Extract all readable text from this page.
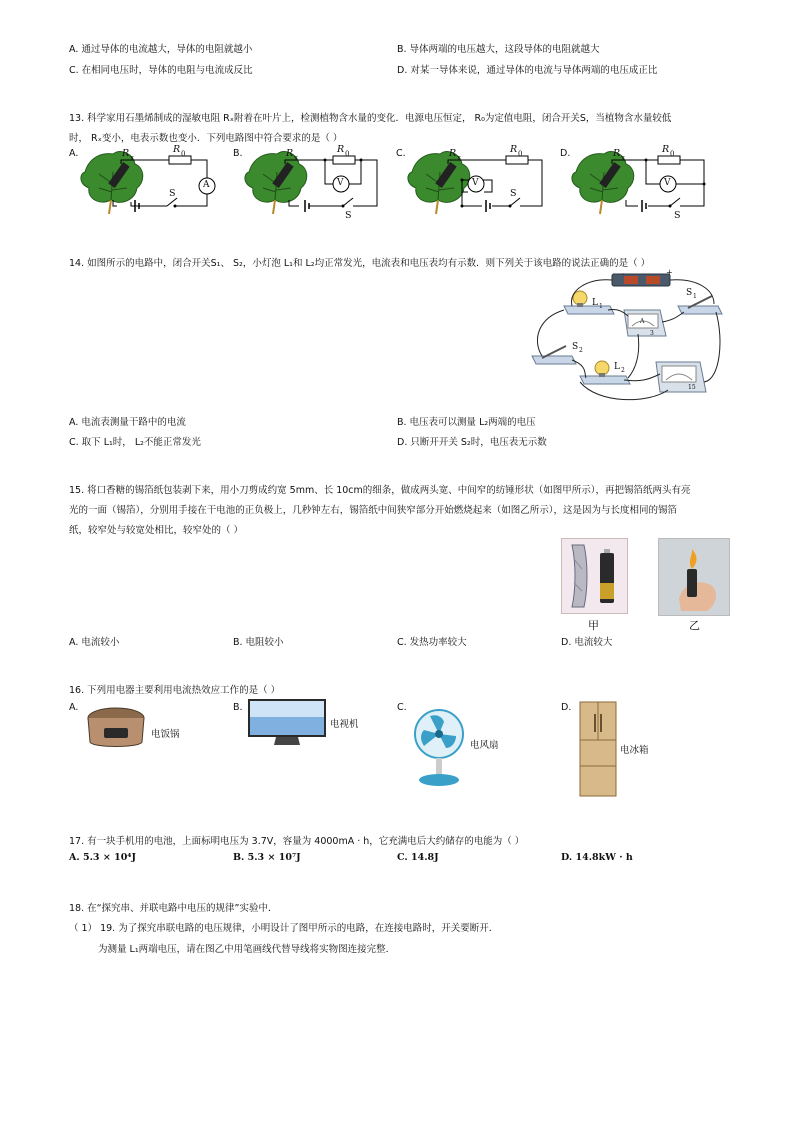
A. 通过导体的电流越大，导体的电阻就越小	B. 导体两端的电压越大，这段导体的电阻就越大
C. 在相同电压时，导体的电阻与电流成反比	D. 对某一导体来说，通过导体的电流与导体两端的电压成正比
13. 科学家用石墨烯制成的湿敏电阻 Rₓ附着在叶片上，检测植物含水量的变化．电源电压恒定， R₀为定值电阻，闭合开关S，当植物含水量较低
时， Rₓ变小，电表示数也变小．下列电路图中符合要求的是（ ）
A.	R x
R 0
A
S
B.	R x
R 0
V
S
C.	R x
R 0
V
S
D.	R x
R 0
V
S
14. 如图所示的电路中，闭合开关S₁、 S₂，小灯泡 L₁和 L₂均正常发光，电流表和电压表均有示数．则下列关于该电路的说法正确的是（ ）
-	+
L 1
S 1
S 2
L 2
A
3
15
A. 电流表测量干路中的电流	B. 电压表可以测量 L₂两端的电压
C. 取下 L₁时， L₂不能正常发光	D. 只断开开关 S₂时，电压表无示数
15. 将口香糖的锡箔纸包装剥下来，用小刀剪成约宽 5mm、长 10cm的细条，做成两头宽、中间窄的纺锤形状（如图甲所示），再把锡箔纸两头有亮
光的一面（锡箔），分别用手接在干电池的正负极上，几秒钟左右，锡箔纸中间狭窄部分开始燃烧起来（如图乙所示），这是因为与长度相同的锡箔
纸，较窄处与较宽处相比，较窄处的（ ）
甲	乙
A. 电流较小	B. 电阻较小	C. 发热功率较大	D. 电流较大
16. 下列用电器主要利用电流热效应工作的是（ ）
A.
电饭锅
B.
电视机
C.
电风扇
D.
电冰箱
17. 有一块手机用的电池，上面标明电压为 3.7V，容量为 4000mA · h，它充满电后大约储存的电能为（ ）
A. 5.3 × 10⁴J	B. 5.3 × 10⁷J	C. 14.8J	D. 14.8kW · h
18. 在“探究串、并联电路中电压的规律”实验中．
（ 1） 19. 为了探究串联电路的电压规律，小明设计了图甲所示的电路，在连接电路时，开关要断开．
为测量 L₁两端电压，请在图乙中用笔画线代替导线将实物图连接完整．
